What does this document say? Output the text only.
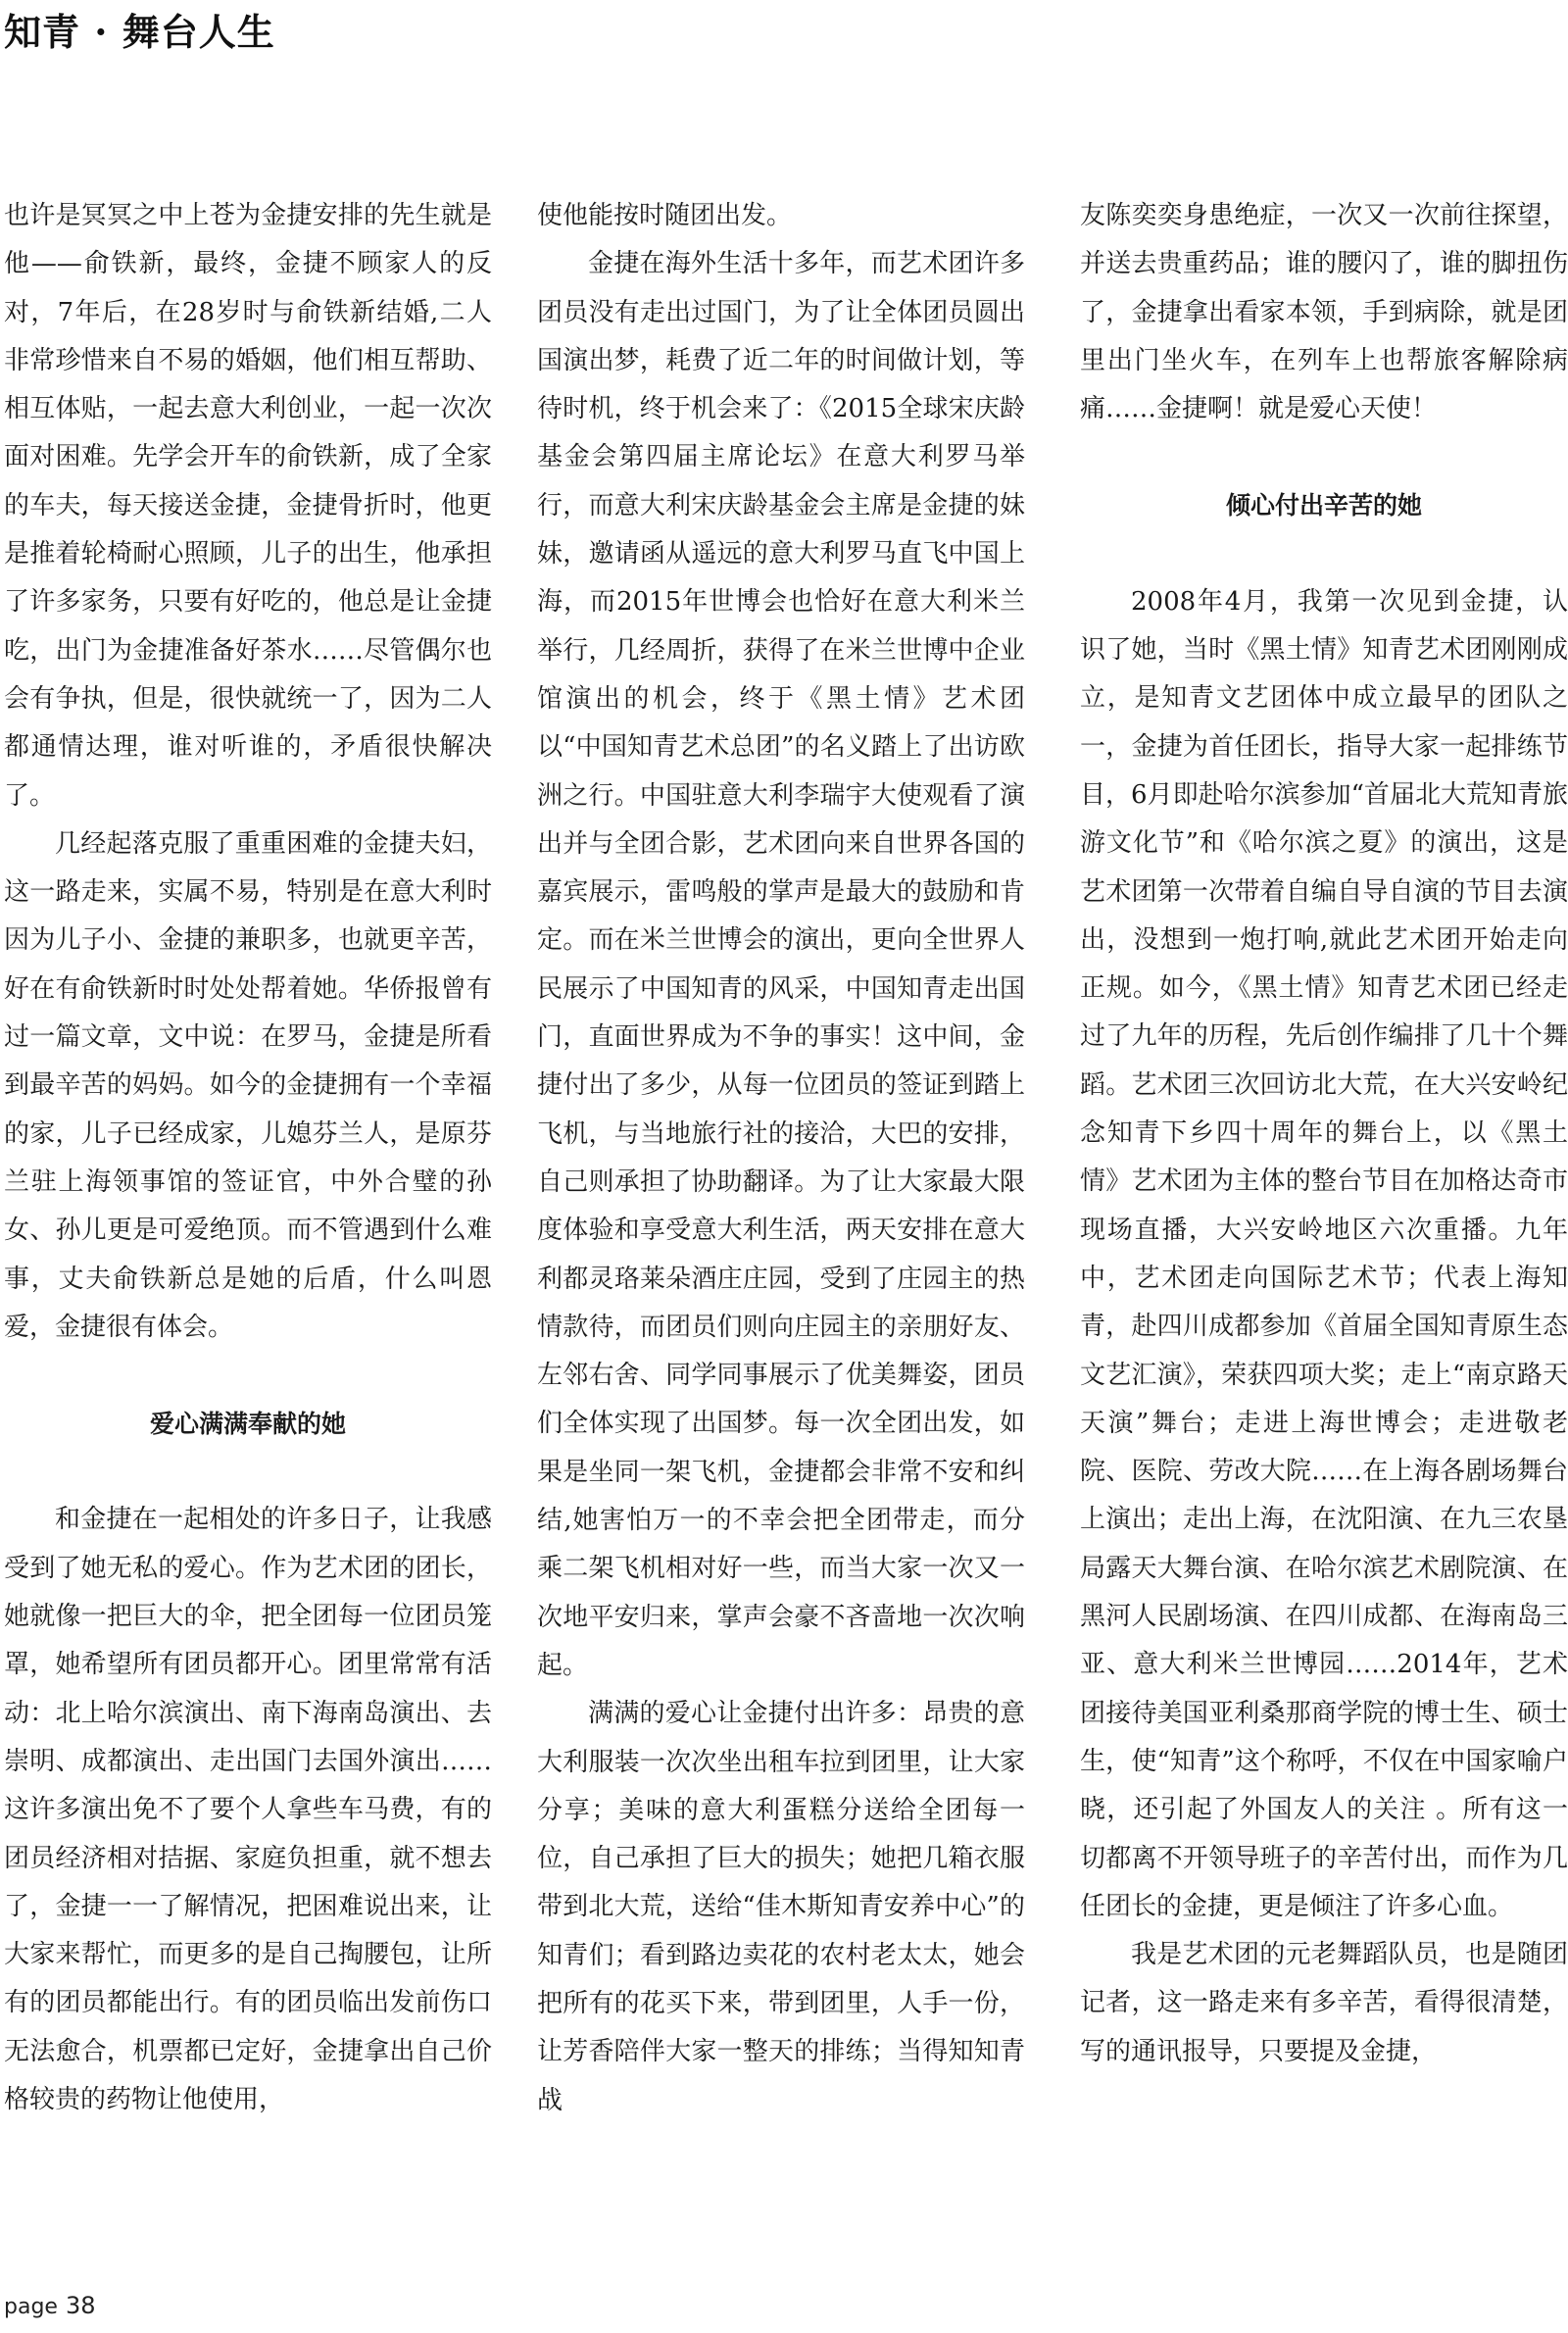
知青 · 舞台人生

也许是冥冥之中上苍为金捷安排的先生就是他——俞铁新，最终，金捷不顾家人的反对，7年后，在28岁时与俞铁新结婚,二人非常珍惜来自不易的婚姻，他们相互帮助、相互体贴，一起去意大利创业，一起一次次面对困难。先学会开车的俞铁新，成了全家的车夫，每天接送金捷，金捷骨折时，他更是推着轮椅耐心照顾，儿子的出生，他承担了许多家务，只要有好吃的，他总是让金捷吃，出门为金捷准备好茶水……尽管偶尔也会有争执，但是，很快就统一了，因为二人都通情达理，谁对听谁的，矛盾很快解决了。

几经起落克服了重重困难的金捷夫妇，这一路走来，实属不易，特别是在意大利时因为儿子小、金捷的兼职多，也就更辛苦，好在有俞铁新时时处处帮着她。华侨报曾有过一篇文章，文中说：在罗马，金捷是所看到最辛苦的妈妈。如今的金捷拥有一个幸福的家，儿子已经成家，儿媳芬兰人，是原芬兰驻上海领事馆的签证官，中外合璧的孙女、孙儿更是可爱绝顶。而不管遇到什么难事，丈夫俞铁新总是她的后盾，什么叫恩爱，金捷很有体会。

爱心满满奉献的她

和金捷在一起相处的许多日子，让我感受到了她无私的爱心。作为艺术团的团长，她就像一把巨大的伞，把全团每一位团员笼罩，她希望所有团员都开心。团里常常有活动：北上哈尔滨演出、南下海南岛演出、去崇明、成都演出、走出国门去国外演出……这许多演出免不了要个人拿些车马费，有的团员经济相对拮据、家庭负担重，就不想去了，金捷一一了解情况，把困难说出来，让大家来帮忙，而更多的是自己掏腰包，让所有的团员都能出行。有的团员临出发前伤口无法愈合，机票都已定好，金捷拿出自己价格较贵的药物让他使用，

使他能按时随团出发。

金捷在海外生活十多年，而艺术团许多团员没有走出过国门，为了让全体团员圆出国演出梦，耗费了近二年的时间做计划，等待时机，终于机会来了：《2015全球宋庆龄基金会第四届主席论坛》在意大利罗马举行，而意大利宋庆龄基金会主席是金捷的妹妹，邀请函从遥远的意大利罗马直飞中国上海，而2015年世博会也恰好在意大利米兰举行，几经周折，获得了在米兰世博中企业馆演出的机会，终于《黑土情》艺术团以“中国知青艺术总团”的名义踏上了出访欧洲之行。中国驻意大利李瑞宇大使观看了演出并与全团合影，艺术团向来自世界各国的嘉宾展示，雷鸣般的掌声是最大的鼓励和肯定。而在米兰世博会的演出，更向全世界人民展示了中国知青的风采，中国知青走出国门，直面世界成为不争的事实！这中间，金捷付出了多少，从每一位团员的签证到踏上飞机，与当地旅行社的接洽，大巴的安排，自己则承担了协助翻译。为了让大家最大限度体验和享受意大利生活，两天安排在意大利都灵珞莱朵酒庄庄园，受到了庄园主的热情款待，而团员们则向庄园主的亲朋好友、左邻右舍、同学同事展示了优美舞姿，团员们全体实现了出国梦。每一次全团出发，如果是坐同一架飞机，金捷都会非常不安和纠结,她害怕万一的不幸会把全团带走，而分乘二架飞机相对好一些，而当大家一次又一次地平安归来，掌声会豪不吝啬地一次次响起。

满满的爱心让金捷付出许多：昂贵的意大利服装一次次坐出租车拉到团里，让大家分享；美味的意大利蛋糕分送给全团每一位，自己承担了巨大的损失；她把几箱衣服带到北大荒，送给“佳木斯知青安养中心”的知青们；看到路边卖花的农村老太太，她会把所有的花买下来，带到团里，人手一份，让芳香陪伴大家一整天的排练；当得知知青战

友陈奕奕身患绝症，一次又一次前往探望，并送去贵重药品；谁的腰闪了，谁的脚扭伤了，金捷拿出看家本领，手到病除，就是团里出门坐火车，在列车上也帮旅客解除病痛……金捷啊！就是爱心天使！

倾心付出辛苦的她

2008年4月，我第一次见到金捷，认识了她，当时《黑土情》知青艺术团刚刚成立，是知青文艺团体中成立最早的团队之一，金捷为首任团长，指导大家一起排练节目，6月即赴哈尔滨参加“首届北大荒知青旅游文化节”和《哈尔滨之夏》的演出，这是艺术团第一次带着自编自导自演的节目去演出，没想到一炮打响,就此艺术团开始走向正规。如今，《黑土情》知青艺术团已经走过了九年的历程，先后创作编排了几十个舞蹈。艺术团三次回访北大荒，在大兴安岭纪念知青下乡四十周年的舞台上，以《黑土情》艺术团为主体的整台节目在加格达奇市现场直播，大兴安岭地区六次重播。九年中，艺术团走向国际艺术节；代表上海知青，赴四川成都参加《首届全国知青原生态文艺汇演》，荣获四项大奖；走上“南京路天天演”舞台；走进上海世博会；走进敬老院、医院、劳改大院……在上海各剧场舞台上演出；走出上海，在沈阳演、在九三农垦局露天大舞台演、在哈尔滨艺术剧院演、在黑河人民剧场演、在四川成都、在海南岛三亚、意大利米兰世博园……2014年，艺术团接待美国亚利桑那商学院的博士生、硕士生，使“知青”这个称呼，不仅在中国家喻户晓，还引起了外国友人的关注 。所有这一切都离不开领导班子的辛苦付出，而作为几任团长的金捷，更是倾注了许多心血。

我是艺术团的元老舞蹈队员，也是随团记者，这一路走来有多辛苦，看得很清楚，写的通讯报导，只要提及金捷，

page 38
